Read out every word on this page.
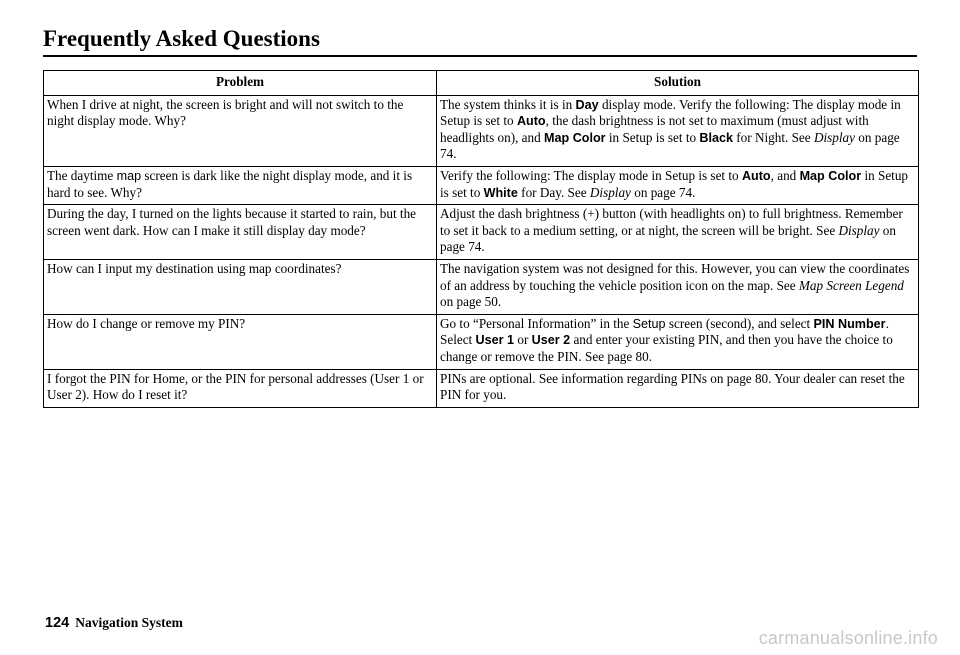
Frequently Asked Questions
Problem	Solution
When I drive at night, the screen is bright and will not switch to the night display mode. Why?	The system thinks it is in Day display mode. Verify the following: The display mode in Setup is set to Auto, the dash brightness is not set to maximum (must adjust with headlights on), and Map Color in Setup is set to Black for Night. See Display on page 74.
The daytime map screen is dark like the night display mode, and it is hard to see. Why?	Verify the following: The display mode in Setup is set to Auto, and Map Color in Setup is set to White for Day. See Display on page 74.
During the day, I turned on the lights because it started to rain, but the screen went dark. How can I make it still display day mode?	Adjust the dash brightness (+) button (with headlights on) to full brightness. Remember to set it back to a medium setting, or at night, the screen will be bright. See Display on page 74.
How can I input my destination using map coordinates?	The navigation system was not designed for this. However, you can view the coordinates of an address by touching the vehicle position icon on the map. See Map Screen Legend on page 50.
How do I change or remove my PIN?	Go to “Personal Information” in the Setup screen (second), and select PIN Number. Select User 1 or User 2 and enter your existing PIN, and then you have the choice to change or remove the PIN. See page 80.
I forgot the PIN for Home, or the PIN for personal addresses (User 1 or User 2). How do I reset it?	PINs are optional. See information regarding PINs on page 80. Your dealer can reset the PIN for you.
124 Navigation System
carmanualsonline.info
